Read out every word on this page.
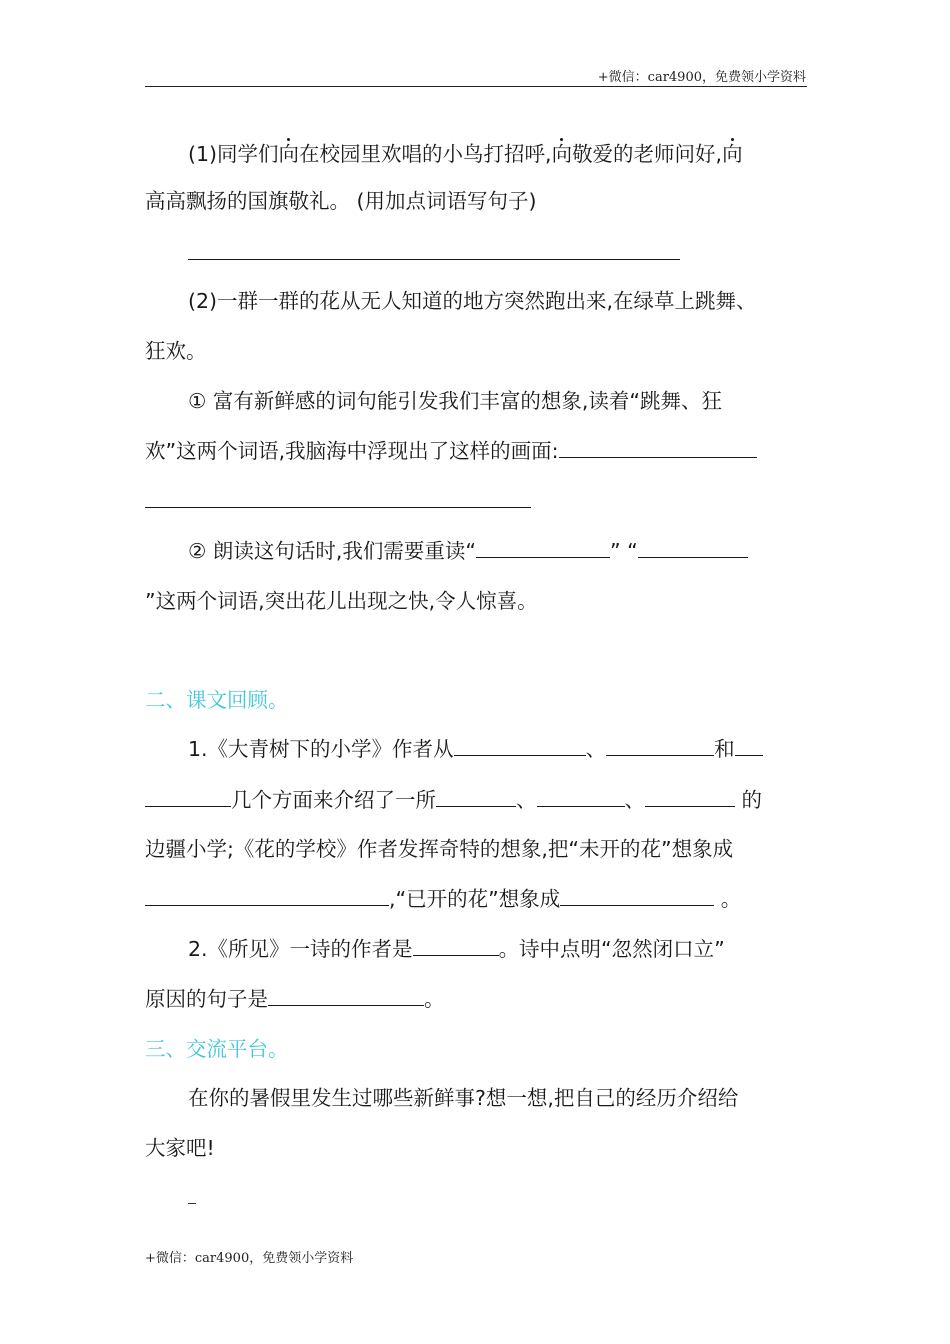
+微信：car4900，免费领小学资料
(1)同学们向在校园里欢唱的小鸟打招呼,向敬爱的老师问好,向
高高飘扬的国旗敬礼。 (用加点词语写句子)
(2)一群一群的花从无人知道的地方突然跑出来,在绿草上跳舞、
狂欢。
① 富有新鲜感的词句能引发我们丰富的想象,读着“跳舞、狂
欢”这两个词语,我脑海中浮现出了这样的画面:
② 朗读这句话时,我们需要重读“	” “
”这两个词语,突出花儿出现之快,令人惊喜。
二、课文回顾。
1.《大青树下的小学》作者从	、	和
几个方面来介绍了一所	、	、	的
边疆小学;《花的学校》作者发挥奇特的想象,把“未开的花”想象成
,“已开的花”想象成	。
2.《所见》一诗的作者是	。诗中点明“忽然闭口立”
原因的句子是	。
三、交流平台。
在你的暑假里发生过哪些新鲜事?想一想,把自己的经历介绍给
大家吧!
+微信：car4900，免费领小学资料
